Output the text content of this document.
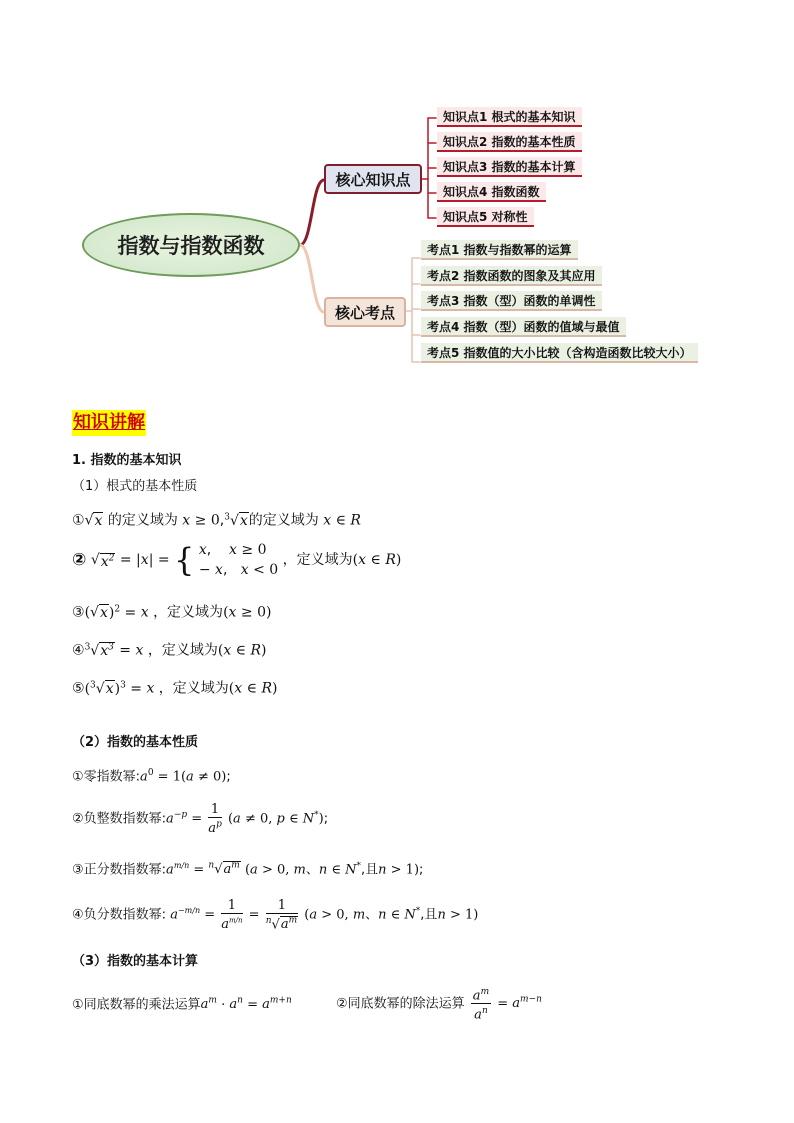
指数与指数函数
核心知识点
核心考点
知识点1 根式的基本知识
知识点2 指数的基本性质
知识点3 指数的基本计算
知识点4 指数函数
知识点5 对称性
考点1 指数与指数幂的运算
考点2 指数函数的图象及其应用
考点3 指数（型）函数的单调性
考点4 指数（型）函数的值域与最值
考点5 指数值的大小比较（含构造函数比较大小）
知识讲解
1. 指数的基本知识
（1）根式的基本性质
①√x 的定义域为 x ≥ 0,$^3$√x的定义域为 x ∈ R
② $√x^2 = |x|$ = { x,    x ≥ 0
− x,   x < 0
，定义域为(x ∈ R)
$③(√x)^2 = x$ ，定义域为(x ≥ 0)
$④^3√x^3 = x$ ，定义域为(x ∈ R)
$⑤(^3√x)^3 = x$ ，定义域为(x ∈ R)
（2）指数的基本性质
①零指数幂$:a^0 = 1(a \ne 0)$;
②负整数指数幂$:a^{-p} = \frac{1}{a^p} (a \ne 0$, p ∈ N*);
③正分数指数幂$:a^{m/n} = ^n√a^m$ (a > 0, m、n ∈ N*,且n > 1);
④负分数指数幂: $a^{-m/n} = \frac{1}{a^{m/n}} = \frac{1}{^n√a^m} (a > 0$, m、n ∈ N*,且n > 1)
（3）指数的基本计算
①同底数幂的乘法运算$a^m \cdot a^n = a^{m+n}$	②同底数幂的除法运算 $\frac{a^m}{a^n} = a^{m-n}$
